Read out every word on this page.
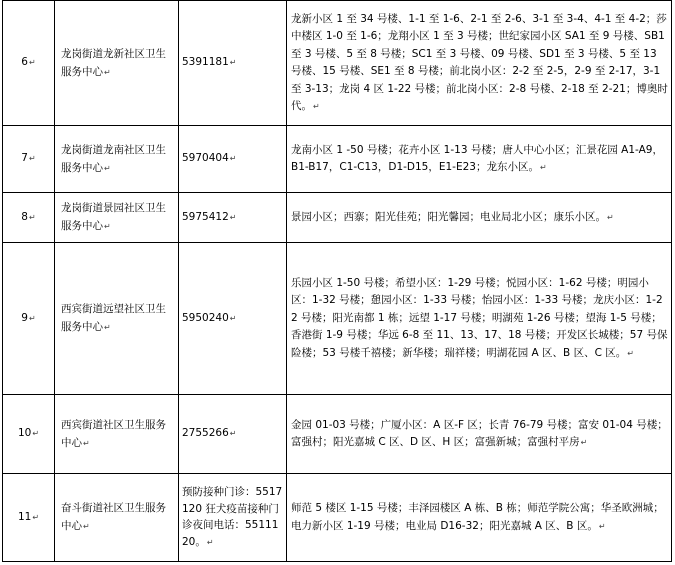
6 ↵	龙岗街道龙新社区卫生服务中心 ↵	5391181 ↵	龙新小区 1 至 34 号楼、1-1 至 1-6、2-1 至 2-6、3-1 至 3-4、4-1 至 4-2；莎中楼区 1-0 至 1-6；龙翔小区 1 至 3 号楼；世纪家园小区 SA1 至 9 号楼、SB1 至 3 号楼、5 至 8 号楼；SC1 至 3 号楼、09 号楼、SD1 至 3 号楼、5 至 13 号楼、15 号楼、SE1 至 8 号楼；前北岗小区：2-2 至 2-5，2-9 至 2-17，3-1 至 3-13；龙岗 4 区 1-22 号楼；前北岗小区：2-8 号楼、2-18 至 2-21；博奥时代。 ↵
7 ↵	龙岗街道龙南社区卫生服务中心 ↵	5970404 ↵	龙南小区 1 -50 号楼；花卉小区 1-13 号楼；唐人中心小区；汇景花园 A1-A9，B1-B17，C1-C13，D1-D15，E1-E23；龙东小区。 ↵
8 ↵	龙岗街道景园社区卫生服务中心 ↵	5975412 ↵	景园小区；西寨；阳光佳苑；阳光馨园；电业局北小区；康乐小区。 ↵
9 ↵	西宾街道远望社区卫生服务中心 ↵	5950240 ↵	乐园小区 1-50 号楼；希望小区：1-29 号楼；悦园小区：1-62 号楼；明园小区：1-32 号楼；憩园小区：1-33 号楼；怡园小区：1-33 号楼；龙庆小区：1-22 号楼；阳光南都 1 栋；远望 1-17 号楼；明湖苑 1-26 号楼；望海 1-5 号楼；香港街 1-9 号楼；华远 6-8 至 11、13、17、18 号楼；开发区长城楼；57 号保险楼；53 号楼千禧楼；新华楼；瑞祥楼；明湖花园 A 区、B 区、C 区。 ↵
10 ↵	西宾街道社区卫生服务中心 ↵	2755266 ↵	金园 01-03 号楼；广厦小区：A 区-F 区；长青 76-79 号楼；富安 01-04 号楼；富强村；阳光嘉城 C 区、D 区、H 区；富强新城；富强村平房 ↵
11 ↵	奋斗街道社区卫生服务中心 ↵	预防接种门诊：5517120 狂犬疫苗接种门诊夜间电话：5511120。 ↵	师范 5 楼区 1-15 号楼；丰泽园楼区 A 栋、B 栋；师范学院公寓；华圣欧洲城；电力新小区 1-19 号楼；电业局 D16-32；阳光嘉城 A 区、B 区。 ↵
